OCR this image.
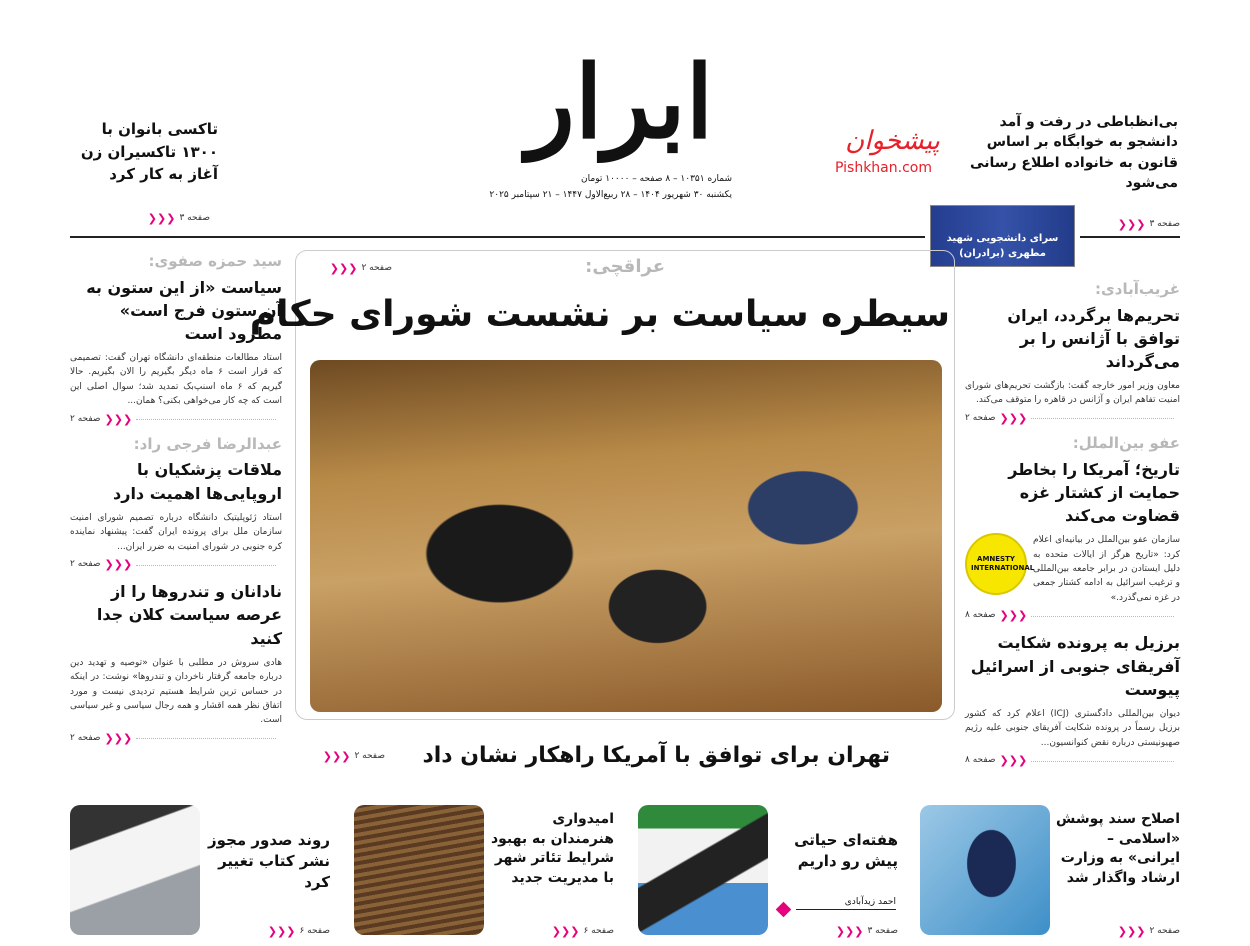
ابرار
شماره ۱۰۳۵۱ – ۸ صفحه – ۱۰۰۰۰ تومان
یکشنبه ۳۰ شهریور ۱۴۰۴ – ۲۸ ربیع‌الاول ۱۴۴۷ – ۲۱ سپتامبر ۲۰۲۵
تاکسی بانوان با ۱۳۰۰ تاکسیران زن آغاز به کار کرد
❮❮❮ صفحه ۳
بی‌انظباطی در رفت و آمد دانشجو به خوابگاه بر اساس قانون به خانواده اطلاع رسانی می‌شود
صفحه ۳
❮❮❮
پیشخوان
Pishkhan.com
سرای دانشجویی شهید مطهری (برادران)
سید حمزه صفوی:
سیاست «از این ستون به آن ستون فرج است» مطرود است
استاد مطالعات منطقه‌ای دانشگاه تهران گفت: تصمیمی که قرار است ۶ ماه دیگر بگیریم را الان بگیریم. حالا گیریم که ۶ ماه اسنپ‌بک تمدید شد؛ سوال اصلی این است که چه کار می‌خواهی بکنی؟ همان...
❮❮❮
صفحه ۲
عبدالرضا فرجی راد:
ملاقات پزشکیان با اروپایی‌ها اهمیت دارد
استاد ژئوپلیتیک دانشگاه درباره تصمیم شورای امنیت سازمان ملل برای پرونده ایران گفت: پیشنهاد نماینده کره جنوبی در شورای امنیت به ضرر ایران...
❮❮❮
صفحه ۲
نادانان و تندروها را از عرصه سیاست کلان جدا کنید
هادی سروش در مطلبی با عنوان «توصیه و تهدید دین درباره جامعه گرفتار ناخردان و تندروها» نوشت: در اینکه در حساس ترین شرایط هستیم تردیدی نیست و مورد اتفاق نظر همه اقشار و همه رجال سیاسی و غیر سیاسی است.
❮❮❮
صفحه ۲
عراقچی:
❮❮❮ صفحه ۲
سیطره سیاست بر نشست شورای حکام
تهران برای توافق با آمریکا راهکار نشان داد
❮❮❮ صفحه ۲
غریب‌آبادی:
تحریم‌ها برگردد، ایران توافق با آژانس را بر می‌گرداند
معاون وزیر امور خارجه گفت: بازگشت تحریم‌های شورای امنیت تفاهم ایران و آژانس در قاهره را متوقف می‌کند.
❮❮❮
صفحه ۲
عفو بین‌الملل:
تاریخ؛ آمریکا را بخاطر حمایت از کشتار غزه قضاوت می‌کند
AMNESTY INTERNATIONAL
سازمان عفو بین‌الملل در بیانیه‌ای اعلام کرد: «تاریخ هرگز از ایالات متحده به دلیل ایستادن در برابر جامعه بین‌المللی و ترغیب اسرائیل به ادامه کشتار جمعی در غزه نمی‌گذرد.»
❮❮❮
صفحه ۸
برزیل به پرونده شکایت آفریقای جنوبی از اسرائیل پیوست
دیوان بین‌المللی دادگستری (ICJ) اعلام کرد که کشور برزیل رسماً در پرونده شکایت آفریقای جنوبی علیه رژیم صهیونیستی درباره نقض کنوانسیون...
❮❮❮
صفحه ۸
اصلاح سند پوشش «اسلامی – ایرانی» به وزارت ارشاد واگذار شد
صفحه ۲
❮❮❮
هفته‌ای حیاتی پیش رو داریم
احمد زیدآبادی
صفحه ۳
❮❮❮
امیدواری هنرمندان به بهبود شرایط تئاتر شهر با مدیریت جدید
صفحه ۶
❮❮❮
روند صدور مجوز نشر کتاب تغییر کرد
صفحه ۶
❮❮❮
